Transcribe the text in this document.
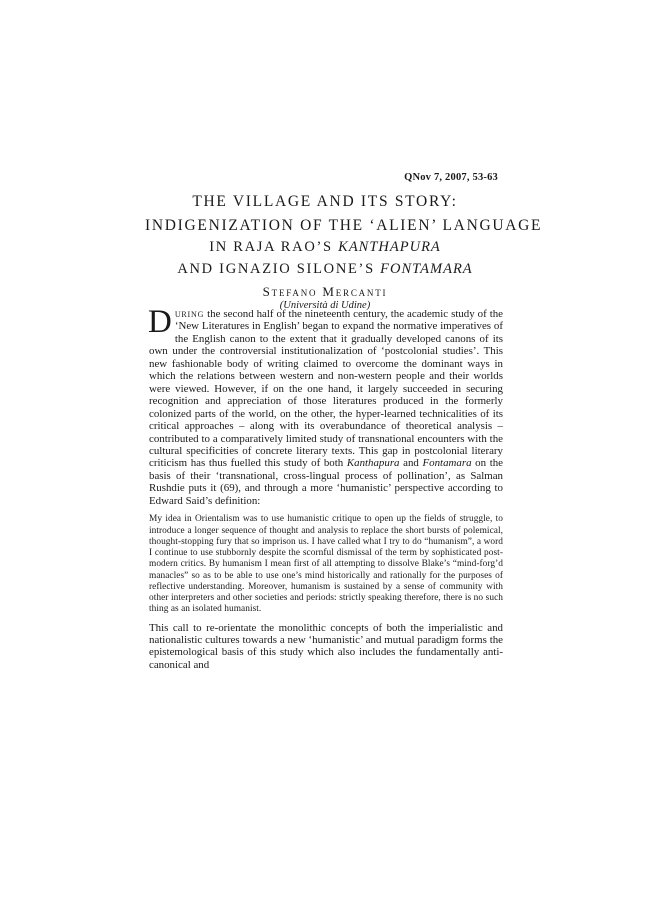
QNov 7, 2007, 53-63
THE VILLAGE AND ITS STORY:
INDIGENIZATION OF THE ‘ALIEN’ LANGUAGE
IN RAJA RAO’S KANTHAPURA
AND IGNAZIO SILONE’S FONTAMARA
Stefano Mercanti
(Università di Udine)

During the second half of the nineteenth century, the academic study of the ‘New Literatures in English’ began to expand the normative imperatives of the English canon to the extent that it gradually developed canons of its own under the controversial institutionalization of ‘postcolonial studies’. This new fashionable body of writing claimed to overcome the dominant ways in which the relations between western and non-western people and their worlds were viewed. However, if on the one hand, it largely succeeded in securing recognition and appreciation of those literatures produced in the formerly colonized parts of the world, on the other, the hyper-learned technicalities of its critical approaches – along with its overabundance of theoretical analysis – contributed to a comparatively limited study of transnational encounters with the cultural specificities of concrete literary texts. This gap in postcolonial literary criticism has thus fuelled this study of both Kanthapura and Fontamara on the basis of their ‘transnational, cross-lingual process of pollination’, as Salman Rushdie puts it (69), and through a more ‘humanistic’ perspective according to Edward Said’s definition:

My idea in Orientalism was to use humanistic critique to open up the fields of struggle, to introduce a longer sequence of thought and analysis to replace the short bursts of polemical, thought-stopping fury that so imprison us. I have called what I try to do “humanism”, a word I continue to use stubbornly despite the scornful dismissal of the term by sophisticated post-modern critics. By humanism I mean first of all attempting to dissolve Blake’s “mind-forg’d manacles” so as to be able to use one’s mind historically and rationally for the purposes of reflective understanding. Moreover, humanism is sustained by a sense of community with other interpreters and other societies and periods: strictly speaking therefore, there is no such thing as an isolated humanist.

This call to re-orientate the monolithic concepts of both the imperialistic and nationalistic cultures towards a new ‘humanistic’ and mutual paradigm forms the epistemological basis of this study which also includes the fundamentally anti-canonical and
